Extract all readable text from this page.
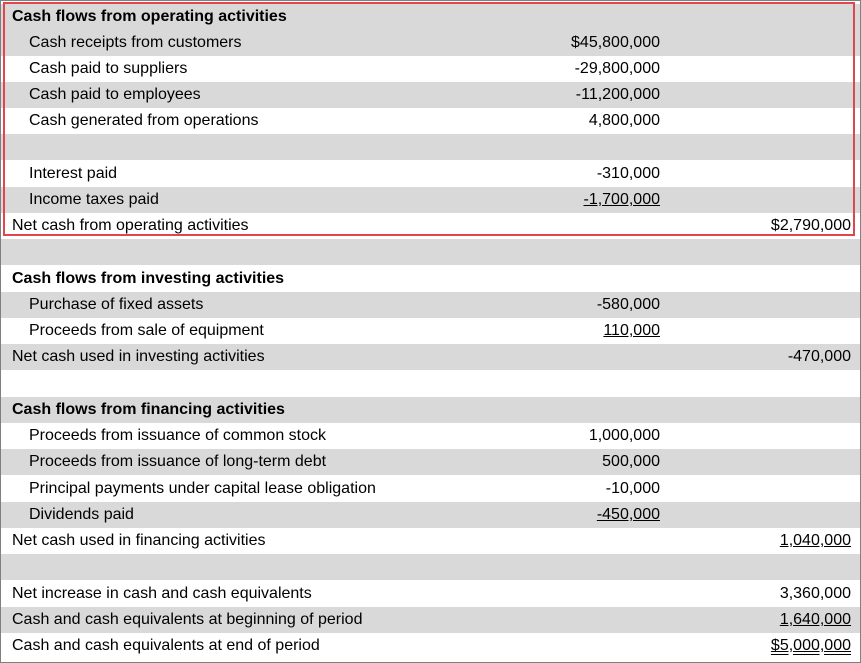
Cash flows from operating activities
Cash receipts from customers	$45,800,000
Cash paid to suppliers	-29,800,000
Cash paid to employees	-11,200,000
Cash generated from operations	4,800,000
Interest paid	-310,000
Income taxes paid	-1,700,000
Net cash from operating activities	$2,790,000
Cash flows from investing activities
Purchase of fixed assets	-580,000
Proceeds from sale of equipment	110,000
Net cash used in investing activities	-470,000
Cash flows from financing activities
Proceeds from issuance of common stock	1,000,000
Proceeds from issuance of long-term debt	500,000
Principal payments under capital lease obligation	-10,000
Dividends paid	-450,000
Net cash used in financing activities	1,040,000
Net increase in cash and cash equivalents	3,360,000
Cash and cash equivalents at beginning of period	1,640,000
Cash and cash equivalents at end of period	$5,000,000
